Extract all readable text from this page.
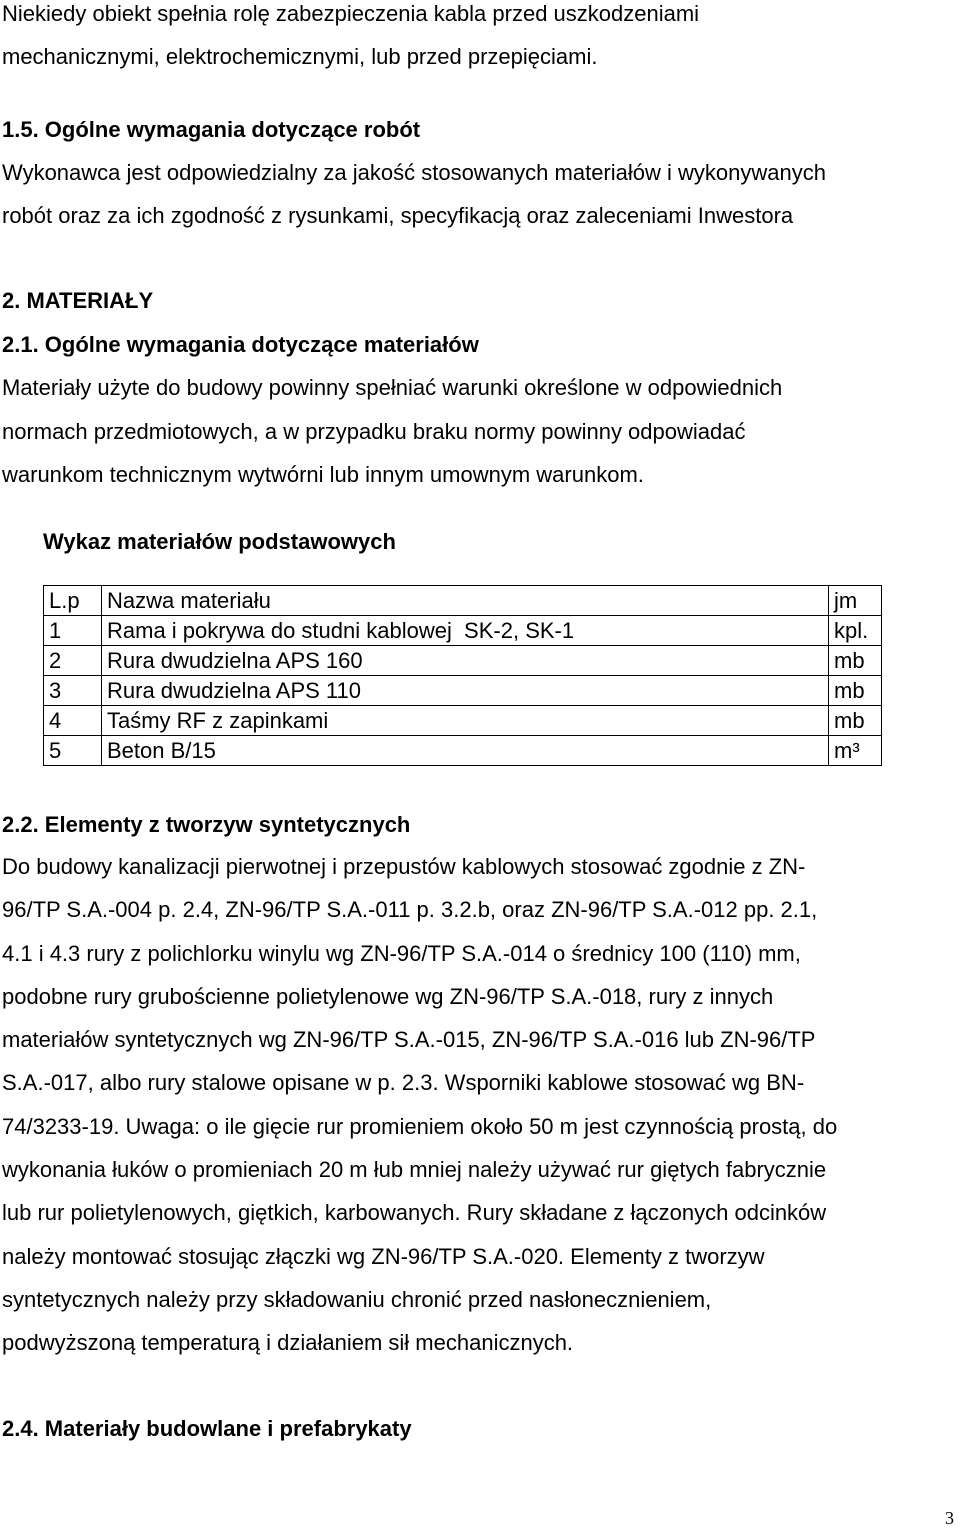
Niekiedy obiekt spełnia rolę zabezpieczenia kabla przed uszkodzeniami
mechanicznymi, elektrochemicznymi, lub przed przepięciami.
1.5. Ogólne wymagania dotyczące robót
Wykonawca jest odpowiedzialny za jakość stosowanych materiałów i wykonywanych
robót oraz za ich zgodność z rysunkami, specyfikacją oraz zaleceniami Inwestora
2. MATERIAŁY
2.1. Ogólne wymagania dotyczące materiałów
Materiały użyte do budowy powinny spełniać warunki określone w odpowiednich
normach przedmiotowych, a w przypadku braku normy powinny odpowiadać
warunkom technicznym wytwórni lub innym umownym warunkom.
Wykaz materiałów podstawowych
L.p	Nazwa materiału	jm
1	Rama i pokrywa do studni kablowej  SK-2, SK-1	kpl.
2	Rura dwudzielna APS 160	mb
3	Rura dwudzielna APS 110	mb
4	Taśmy RF z zapinkami	mb
5	Beton B/15	m³
2.2. Elementy z tworzyw syntetycznych
Do budowy kanalizacji pierwotnej i przepustów kablowych stosować zgodnie z ZN-
96/TP S.A.-004 p. 2.4, ZN-96/TP S.A.-011 p. 3.2.b, oraz ZN-96/TP S.A.-012 pp. 2.1,
4.1 i 4.3 rury z polichlorku winylu wg ZN-96/TP S.A.-014 o średnicy 100 (110) mm,
podobne rury grubościenne polietylenowe wg ZN-96/TP S.A.-018, rury z innych
materiałów syntetycznych wg ZN-96/TP S.A.-015, ZN-96/TP S.A.-016 lub ZN-96/TP
S.A.-017, albo rury stalowe opisane w p. 2.3. Wsporniki kablowe stosować wg BN-
74/3233-19. Uwaga: o ile gięcie rur promieniem około 50 m jest czynnością prostą, do
wykonania łuków o promieniach 20 m łub mniej należy używać rur giętych fabrycznie
lub rur polietylenowych, giętkich, karbowanych. Rury składane z łączonych odcinków
należy montować stosując złączki wg ZN-96/TP S.A.-020. Elementy z tworzyw
syntetycznych należy przy składowaniu chronić przed nasłonecznieniem,
podwyższoną temperaturą i działaniem sił mechanicznych.
2.4. Materiały budowlane i prefabrykaty
3
